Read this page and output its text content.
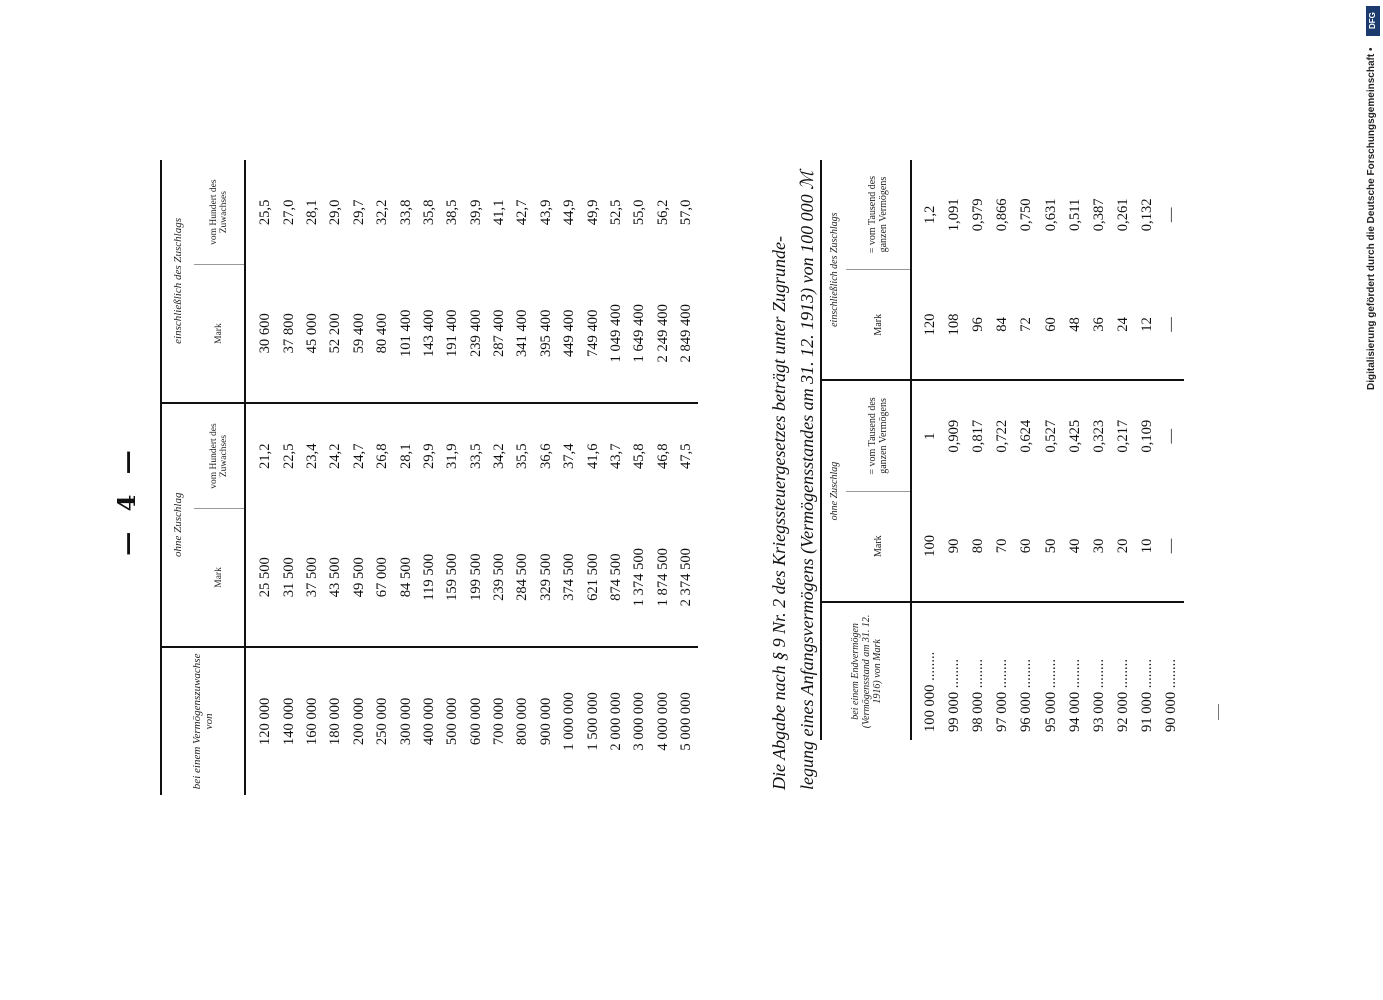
— 4 —
bei einem Vermögenszuwachse von	ohne Zuschlag		einschließlich des Zuschlags	
	Mark	vom Hundert des Zuwachses	Mark	vom Hundert des Zuwachses
120 000	25 500	21,2	30 600	25,5
140 000	31 500	22,5	37 800	27,0
160 000	37 500	23,4	45 000	28,1
180 000	43 500	24,2	52 200	29,0
200 000	49 500	24,7	59 400	29,7
250 000	67 000	26,8	80 400	32,2
300 000	84 500	28,1	101 400	33,8
400 000	119 500	29,9	143 400	35,8
500 000	159 500	31,9	191 400	38,5
600 000	199 500	33,5	239 400	39,9
700 000	239 500	34,2	287 400	41,1
800 000	284 500	35,5	341 400	42,7
900 000	329 500	36,6	395 400	43,9
1 000 000	374 500	37,4	449 400	44,9
1 500 000	621 500	41,6	749 400	49,9
2 000 000	874 500	43,7	1 049 400	52,5
3 000 000	1 374 500	45,8	1 649 400	55,0
4 000 000	1 874 500	46,8	2 249 400	56,2
5 000 000	2 374 500	47,5	2 849 400	57,0
Die Abgabe nach § 9 Nr. 2 des Kriegssteuergesetzes beträgt unter Zugrunde- legung eines Anfangsvermögens (Vermögensstandes am 31. 12. 1913) von 100 000 ℳ	bei einem Endvermögen (Vermögensstand am 31. 12. 1916) von Mark	ohne Zuschlag		einschließlich des Zuschlags	
	Mark	= vom Tausend des ganzen Vermögens	Mark	= vom Tausend des ganzen Vermögens
100 000 ........	100	1	120	1,2
99 000 ........	90	0,909	108	1,091
98 000 ........	80	0,817	96	0,979
97 000 ........	70	0,722	84	0,866
96 000 ........	60	0,624	72	0,750
95 000 ........	50	0,527	60	0,631
94 000 ........	40	0,425	48	0,511
93 000 ........	30	0,323	36	0,387
92 000 ........	20	0,217	24	0,261
91 000 ........	10	0,109	12	0,132
90 000 ........	—	—	—	—
DFG
Digitalisierung gefördert durch die Deutsche Forschungsgemeinschaft •
